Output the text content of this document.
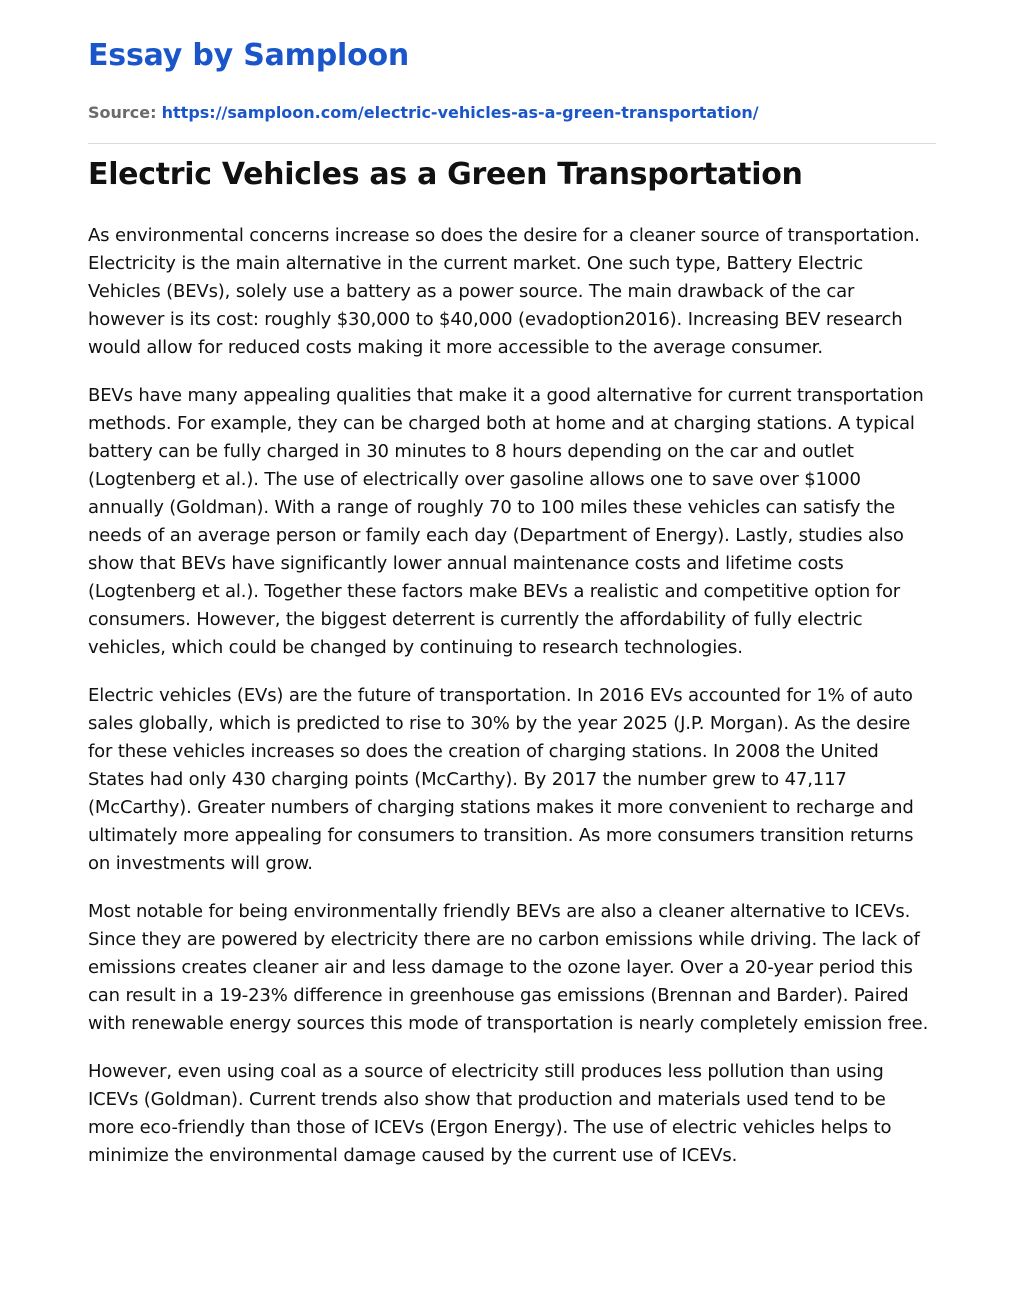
Essay by Samploon
Source: https://samploon.com/electric-vehicles-as-a-green-transportation/
Electric Vehicles as a Green Transportation

As environmental concerns increase so does the desire for a cleaner source of transportation. Electricity is the main alternative in the current market. One such type, Battery Electric Vehicles (BEVs), solely use a battery as a power source. The main drawback of the car however is its cost: roughly $30,000 to $40,000 (evadoption2016). Increasing BEV research would allow for reduced costs making it more accessible to the average consumer.

BEVs have many appealing qualities that make it a good alternative for current transportation methods. For example, they can be charged both at home and at charging stations. A typical battery can be fully charged in 30 minutes to 8 hours depending on the car and outlet (Logtenberg et al.). The use of electrically over gasoline allows one to save over $1000 annually (Goldman). With a range of roughly 70 to 100 miles these vehicles can satisfy the needs of an average person or family each day (Department of Energy). Lastly, studies also show that BEVs have significantly lower annual maintenance costs and lifetime costs (Logtenberg et al.). Together these factors make BEVs a realistic and competitive option for consumers. However, the biggest deterrent is currently the affordability of fully electric vehicles, which could be changed by continuing to research technologies.

Electric vehicles (EVs) are the future of transportation. In 2016 EVs accounted for 1% of auto sales globally, which is predicted to rise to 30% by the year 2025 (J.P. Morgan). As the desire for these vehicles increases so does the creation of charging stations. In 2008 the United States had only 430 charging points (McCarthy). By 2017 the number grew to 47,117 (McCarthy). Greater numbers of charging stations makes it more convenient to recharge and ultimately more appealing for consumers to transition. As more consumers transition returns on investments will grow.

Most notable for being environmentally friendly BEVs are also a cleaner alternative to ICEVs. Since they are powered by electricity there are no carbon emissions while driving. The lack of emissions creates cleaner air and less damage to the ozone layer. Over a 20-year period this can result in a 19-23% difference in greenhouse gas emissions (Brennan and Barder). Paired with renewable energy sources this mode of transportation is nearly completely emission free.

However, even using coal as a source of electricity still produces less pollution than using ICEVs (Goldman). Current trends also show that production and materials used tend to be more eco-friendly than those of ICEVs (Ergon Energy). The use of electric vehicles helps to minimize the environmental damage caused by the current use of ICEVs.
